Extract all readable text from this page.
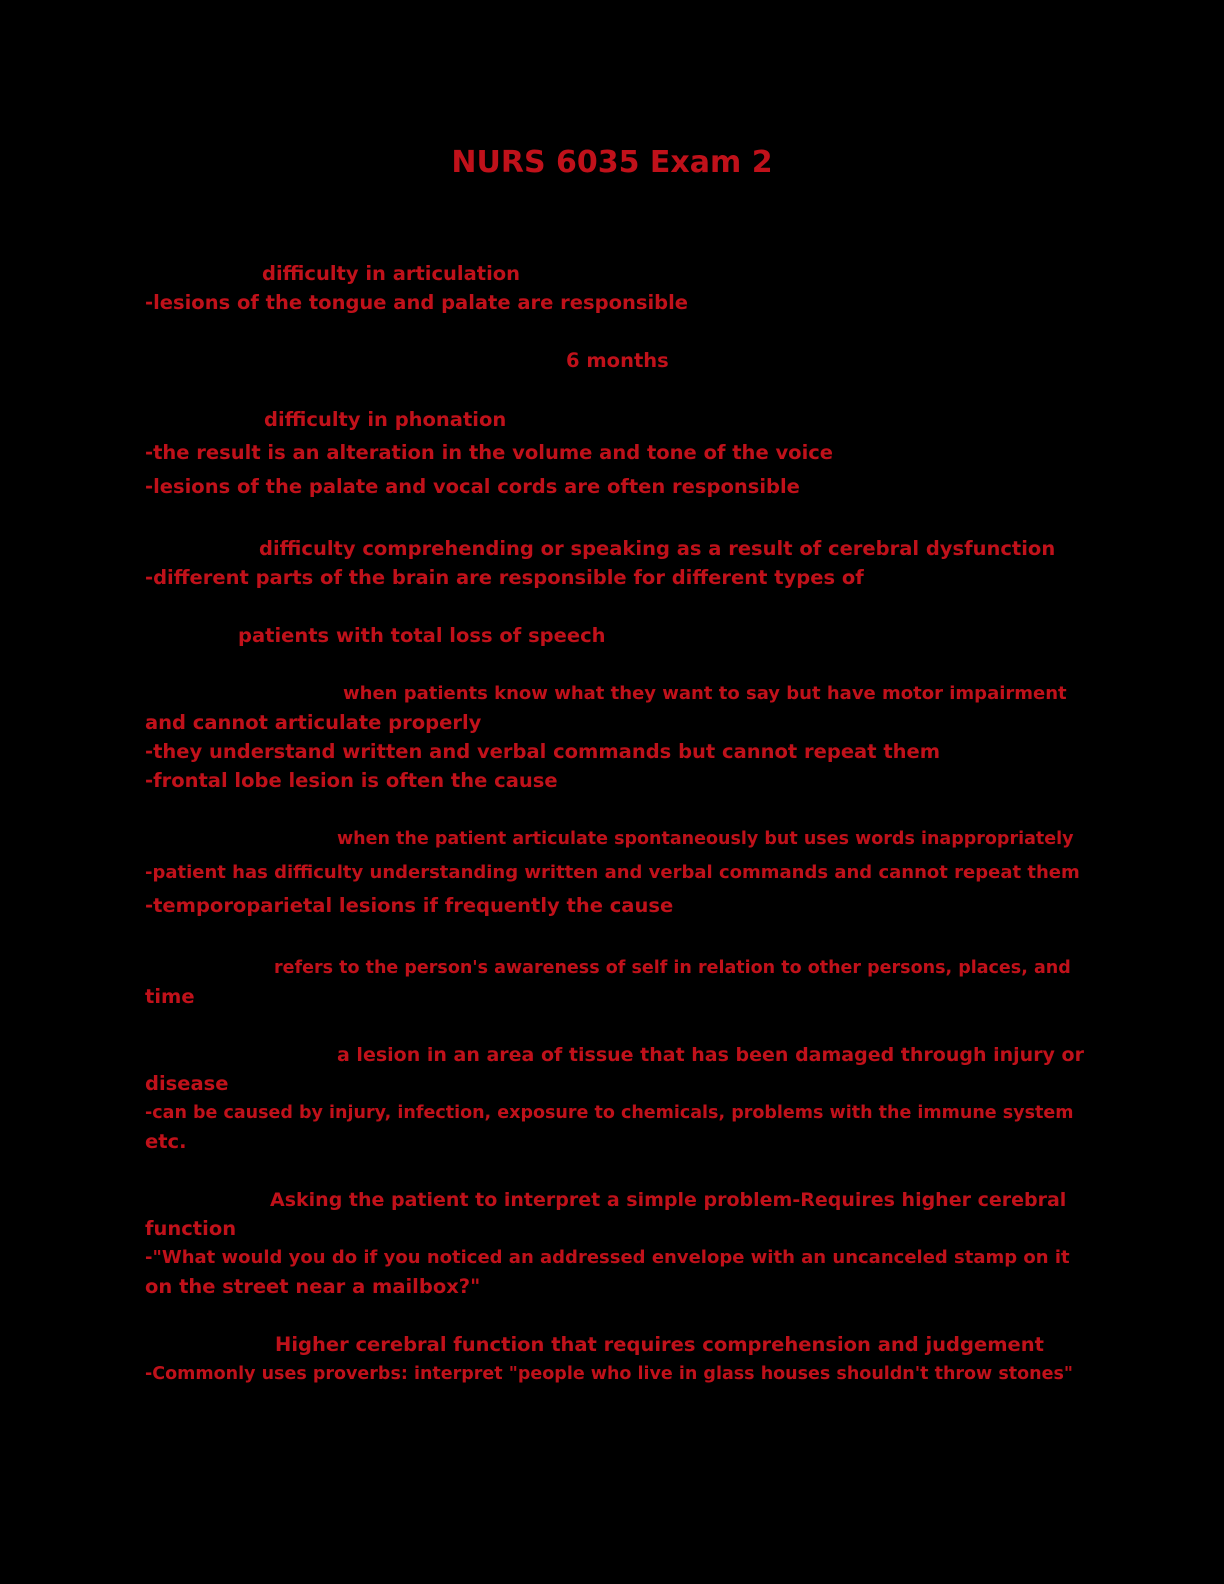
NURS 6035 Exam 2

difficulty in articulation

-lesions of the tongue and palate are responsible

6 months

difficulty in phonation

-the result is an alteration in the volume and tone of the voice

-lesions of the palate and vocal cords are often responsible

difficulty comprehending or speaking as a result of cerebral dysfunction

-different parts of the brain are responsible for different types of

patients with total loss of speech

when patients know what they want to say but have motor impairment

and cannot articulate properly

-they understand written and verbal commands but cannot repeat them

-frontal lobe lesion is often the cause

when the patient articulate spontaneously but uses words inappropriately

-patient has difficulty understanding written and verbal commands and cannot repeat them

-temporoparietal lesions if frequently the cause

refers to the person's awareness of self in relation to other persons, places, and

time

a lesion in an area of tissue that has been damaged through injury or

disease

-can be caused by injury, infection, exposure to chemicals, problems with the immune system

etc.

Asking the patient to interpret a simple problem-Requires higher cerebral

function

-"What would you do if you noticed an addressed envelope with an uncanceled stamp on it

on the street near a mailbox?"

Higher cerebral function that requires comprehension and judgement

-Commonly uses proverbs: interpret "people who live in glass houses shouldn't throw stones"
